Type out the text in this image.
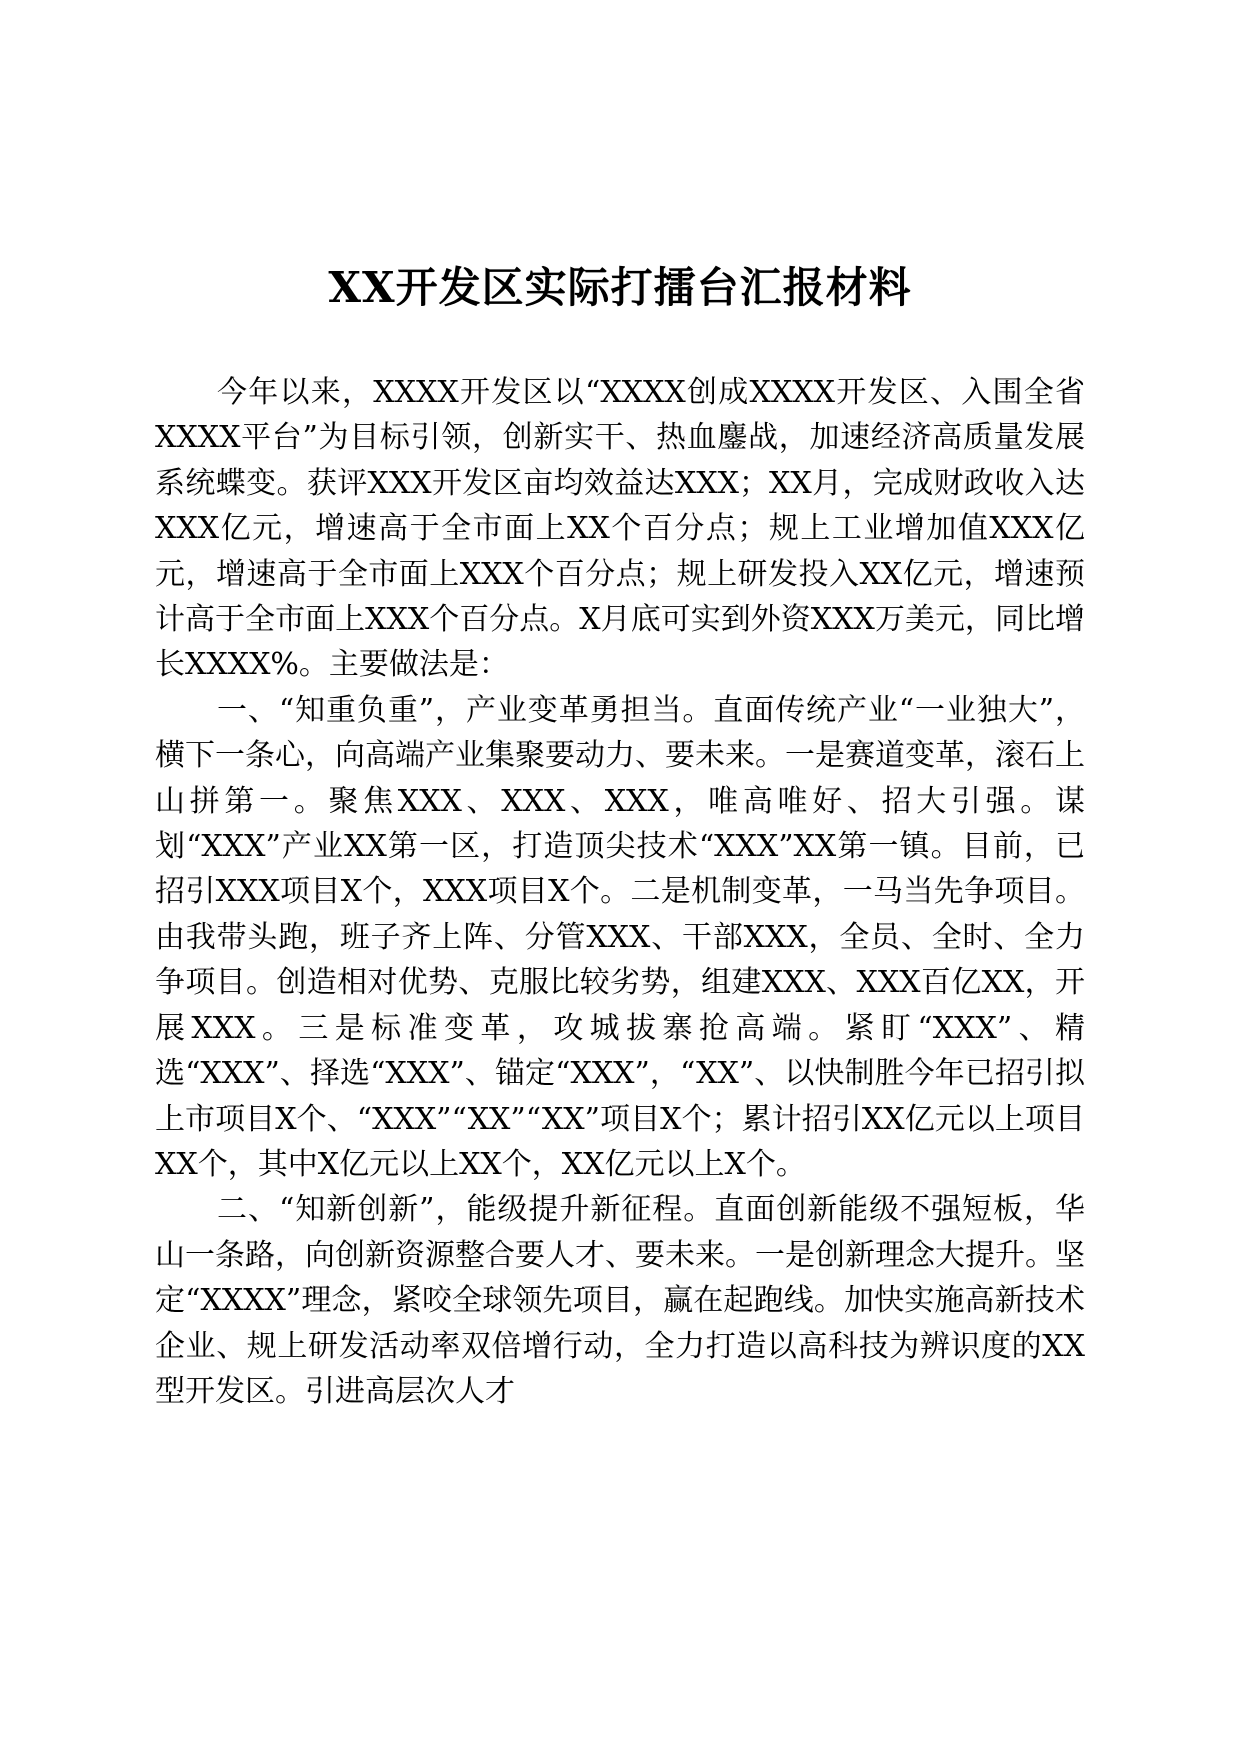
XX开发区实际打擂台汇报材料

今年以来，XXXX开发区以“XXXX创成XXXX开发区、入围全省XXXX平台”为目标引领，创新实干、热血鏖战，加速经济高质量发展系统蝶变。获评XXX开发区亩均效益达XXX；XX月，完成财政收入达XXX亿元，增速高于全市面上XX个百分点；规上工业增加值XXX亿元，增速高于全市面上XXX个百分点；规上研发投入XX亿元，增速预计高于全市面上XXX个百分点。X月底可实到外资XXX万美元，同比增长XXXX%。主要做法是：

一、“知重负重”，产业变革勇担当。直面传统产业“一业独大”，横下一条心，向高端产业集聚要动力、要未来。一是赛道变革，滚石上山拼第一。聚焦XXX、XXX、XXX，唯高唯好、招大引强。谋划“XXX”产业XX第一区，打造顶尖技术“XXX”XX第一镇。目前，已招引XXX项目X个，XXX项目X个。二是机制变革，一马当先争项目。由我带头跑，班子齐上阵、分管XXX、干部XXX，全员、全时、全力争项目。创造相对优势、克服比较劣势，组建XXX、XXX百亿XX，开展XXX。三是标准变革，攻城拔寨抢高端。紧盯“XXX”、精选“XXX”、择选“XXX”、锚定“XXX”，“XX”、以快制胜今年已招引拟上市项目X个、“XXX”“XX”“XX”项目X个；累计招引XX亿元以上项目XX个，其中X亿元以上XX个，XX亿元以上X个。

二、“知新创新”，能级提升新征程。直面创新能级不强短板，华山一条路，向创新资源整合要人才、要未来。一是创新理念大提升。坚定“XXXX”理念，紧咬全球领先项目，赢在起跑线。加快实施高新技术企业、规上研发活动率双倍增行动，全力打造以高科技为辨识度的XX型开发区。引进高层次人才
